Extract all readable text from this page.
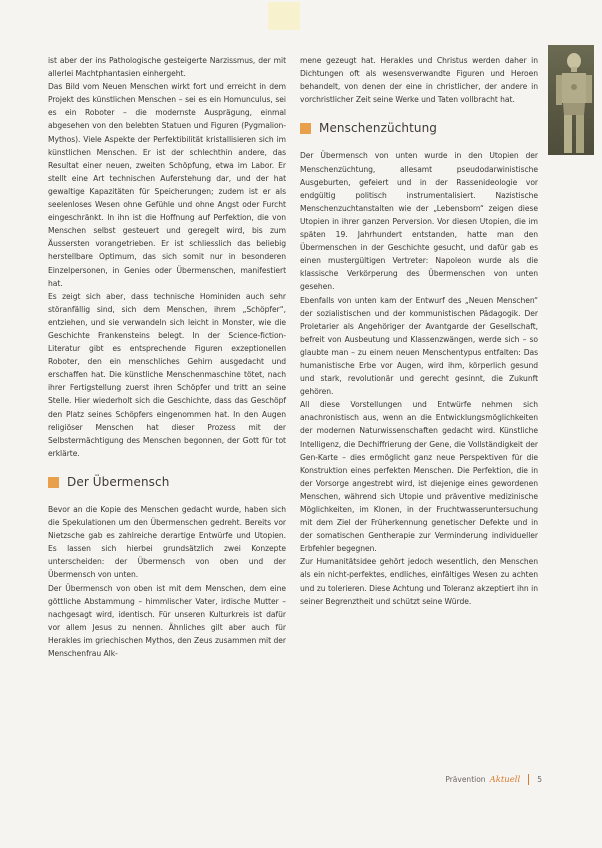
ist aber der ins Pathologische gesteigerte Narzissmus, der mit allerlei Machtphantasien einhergeht.

Das Bild vom Neuen Menschen wirkt fort und erreicht in dem Projekt des künstlichen Menschen – sei es ein Homunculus, sei es ein Roboter – die modernste Ausprägung, einmal abgesehen von den belebten Statuen und Figuren (Pygmalion-Mythos). Viele Aspekte der Perfektibilität kristallisieren sich im künstlichen Menschen. Er ist der schlechthin andere, das Resultat einer neuen, zweiten Schöpfung, etwa im Labor. Er stellt eine Art technischen Auferstehung dar, und der hat gewaltige Kapazitäten für Speicherungen; zudem ist er als seelenloses Wesen ohne Gefühle und ohne Angst oder Furcht eingeschränkt. In ihn ist die Hoffnung auf Perfektion, die von Menschen selbst gesteuert und geregelt wird, bis zum Äussersten vorangetrieben. Er ist schliesslich das beliebig herstellbare Optimum, das sich somit nur in besonderen Einzelpersonen, in Genies oder Übermenschen, manifestiert hat.

Es zeigt sich aber, dass technische Hominiden auch sehr störanfällig sind, sich dem Menschen, ihrem „Schöpfer“, entziehen, und sie verwandeln sich leicht in Monster, wie die Geschichte Frankensteins belegt. In der Science-fiction-Literatur gibt es entsprechende Figuren exzeptionellen Roboter, den ein menschliches Gehirn ausgedacht und erschaffen hat. Die künstliche Menschenmaschine tötet, nach ihrer Fertigstellung zuerst ihren Schöpfer und tritt an seine Stelle. Hier wiederholt sich die Geschichte, dass das Geschöpf den Platz seines Schöpfers eingenommen hat. In den Augen religiöser Menschen hat dieser Prozess mit der Selbstermächtigung des Menschen begonnen, der Gott für tot erklärte.

Der Übermensch

Bevor an die Kopie des Menschen gedacht wurde, haben sich die Spekulationen um den Übermenschen gedreht. Bereits vor Nietzsche gab es zahlreiche derartige Entwürfe und Utopien. Es lassen sich hierbei grundsätzlich zwei Konzepte unterscheiden: der Übermensch von oben und der Übermensch von unten.

Der Übermensch von oben ist mit dem Menschen, dem eine göttliche Abstammung – himmlischer Vater, irdische Mutter – nachgesagt wird, identisch. Für unseren Kulturkreis ist dafür vor allem Jesus zu nennen. Ähnliches gilt aber auch für Herakles im griechischen Mythos, den Zeus zusammen mit der Menschenfrau Alk-

mene gezeugt hat. Herakles und Christus werden daher in Dichtungen oft als wesensverwandte Figuren und Heroen behandelt, von denen der eine in christlicher, der andere in vorchristlicher Zeit seine Werke und Taten vollbracht hat.

Menschenzüchtung

Der Übermensch von unten wurde in den Utopien der Menschenzüchtung, allesamt pseudodarwinistische Ausgeburten, gefeiert und in der Rassenideologie vor endgültig politisch instrumentalisiert. Nazistische Menschenzuchtanstalten wie der „Lebensborn“ zeigen diese Utopien in ihrer ganzen Perversion. Vor diesen Utopien, die im späten 19. Jahrhundert entstanden, hatte man den Übermenschen in der Geschichte gesucht, und dafür gab es einen mustergültigen Vertreter: Napoleon wurde als die klassische Verkörperung des Übermenschen von unten gesehen.

Ebenfalls von unten kam der Entwurf des „Neuen Menschen“ der sozialistischen und der kommunistischen Pädagogik. Der Proletarier als Angehöriger der Avantgarde der Gesellschaft, befreit von Ausbeutung und Klassenzwängen, werde sich – so glaubte man – zu einem neuen Menschentypus entfalten: Das humanistische Erbe vor Augen, wird ihm, körperlich gesund und stark, revolutionär und gerecht gesinnt, die Zukunft gehören.

All diese Vorstellungen und Entwürfe nehmen sich anachronistisch aus, wenn an die Entwicklungsmöglichkeiten der modernen Naturwissenschaften gedacht wird. Künstliche Intelligenz, die Dechiffrierung der Gene, die Vollständigkeit der Gen-Karte – dies ermöglicht ganz neue Perspektiven für die Konstruktion eines perfekten Menschen. Die Perfektion, die in der Vorsorge angestrebt wird, ist diejenige eines gewordenen Menschen, während sich Utopie und präventive medizinische Möglichkeiten, im Klonen, in der Fruchtwasseruntersuchung mit dem Ziel der Früherkennung genetischer Defekte und in der somatischen Gentherapie zur Verminderung individueller Erbfehler begegnen.

Zur Humanitätsidee gehört jedoch wesentlich, den Menschen als ein nicht-perfektes, endliches, einfältiges Wesen zu achten und zu tolerieren. Diese Achtung und Toleranz akzeptiert ihn in seiner Begrenztheit und schützt seine Würde.

Prävention Aktuell 5
